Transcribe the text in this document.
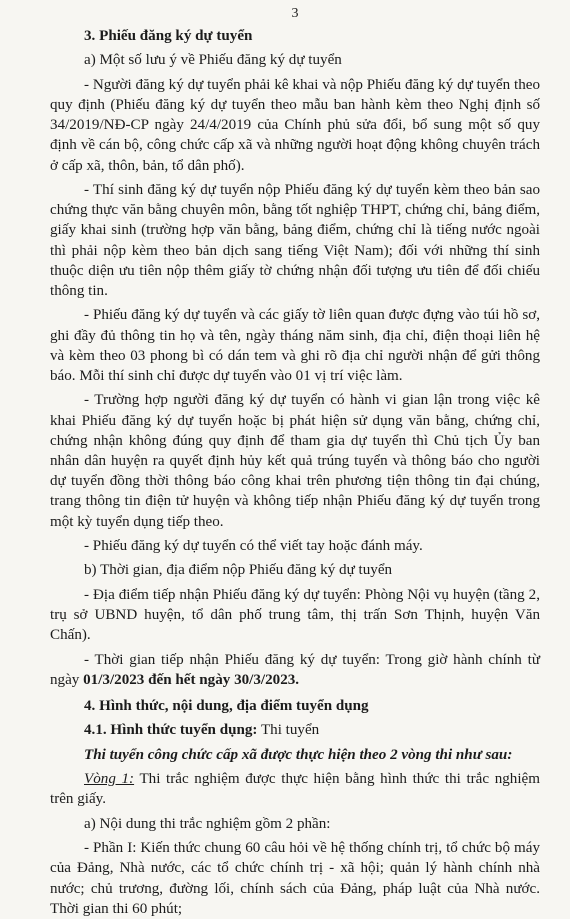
3

3. Phiếu đăng ký dự tuyển

a) Một số lưu ý về Phiếu đăng ký dự tuyển

- Người đăng ký dự tuyển phải kê khai và nộp Phiếu đăng ký dự tuyển theo quy định (Phiếu đăng ký dự tuyển theo mẫu ban hành kèm theo Nghị định số 34/2019/NĐ-CP ngày 24/4/2019 của Chính phủ sửa đổi, bổ sung một số quy định về cán bộ, công chức cấp xã và những người hoạt động không chuyên trách ở cấp xã, thôn, bản, tổ dân phố).

- Thí sinh đăng ký dự tuyển nộp Phiếu đăng ký dự tuyển kèm theo bản sao chứng thực văn bằng chuyên môn, bằng tốt nghiệp THPT, chứng chỉ, bảng điểm, giấy khai sinh (trường hợp văn bằng, bảng điểm, chứng chỉ là tiếng nước ngoài thì phải nộp kèm theo bản dịch sang tiếng Việt Nam); đối với những thí sinh thuộc diện ưu tiên nộp thêm giấy tờ chứng nhận đối tượng ưu tiên để đối chiếu thông tin.

- Phiếu đăng ký dự tuyển và các giấy tờ liên quan được đựng vào túi hồ sơ, ghi đầy đủ thông tin họ và tên, ngày tháng năm sinh, địa chỉ, điện thoại liên hệ và kèm theo 03 phong bì có dán tem và ghi rõ địa chỉ người nhận để gửi thông báo. Mỗi thí sinh chỉ được dự tuyển vào 01 vị trí việc làm.

- Trường hợp người đăng ký dự tuyển có hành vi gian lận trong việc kê khai Phiếu đăng ký dự tuyển hoặc bị phát hiện sử dụng văn bằng, chứng chỉ, chứng nhận không đúng quy định để tham gia dự tuyển thì Chủ tịch Ủy ban nhân dân huyện ra quyết định hủy kết quả trúng tuyển và thông báo cho người dự tuyển đồng thời thông báo công khai trên phương tiện thông tin đại chúng, trang thông tin điện tử huyện và không tiếp nhận Phiếu đăng ký dự tuyển trong một kỳ tuyển dụng tiếp theo.

- Phiếu đăng ký dự tuyển có thể viết tay hoặc đánh máy.

b) Thời gian, địa điểm nộp Phiếu đăng ký dự tuyển

- Địa điểm tiếp nhận Phiếu đăng ký dự tuyển: Phòng Nội vụ huyện (tầng 2, trụ sở UBND huyện, tổ dân phố trung tâm, thị trấn Sơn Thịnh, huyện Văn Chấn).

- Thời gian tiếp nhận Phiếu đăng ký dự tuyển: Trong giờ hành chính từ ngày 01/3/2023 đến hết ngày 30/3/2023.

4. Hình thức, nội dung, địa điểm tuyển dụng

4.1. Hình thức tuyển dụng: Thi tuyển

Thi tuyển công chức cấp xã được thực hiện theo 2 vòng thi như sau:

Vòng 1: Thi trắc nghiệm được thực hiện bằng hình thức thi trắc nghiệm trên giấy.

a) Nội dung thi trắc nghiệm gồm 2 phần:

- Phần I: Kiến thức chung 60 câu hỏi về hệ thống chính trị, tổ chức bộ máy của Đảng, Nhà nước, các tổ chức chính trị - xã hội; quản lý hành chính nhà nước; chủ trương, đường lối, chính sách của Đảng, pháp luật của Nhà nước. Thời gian thi 60 phút;
